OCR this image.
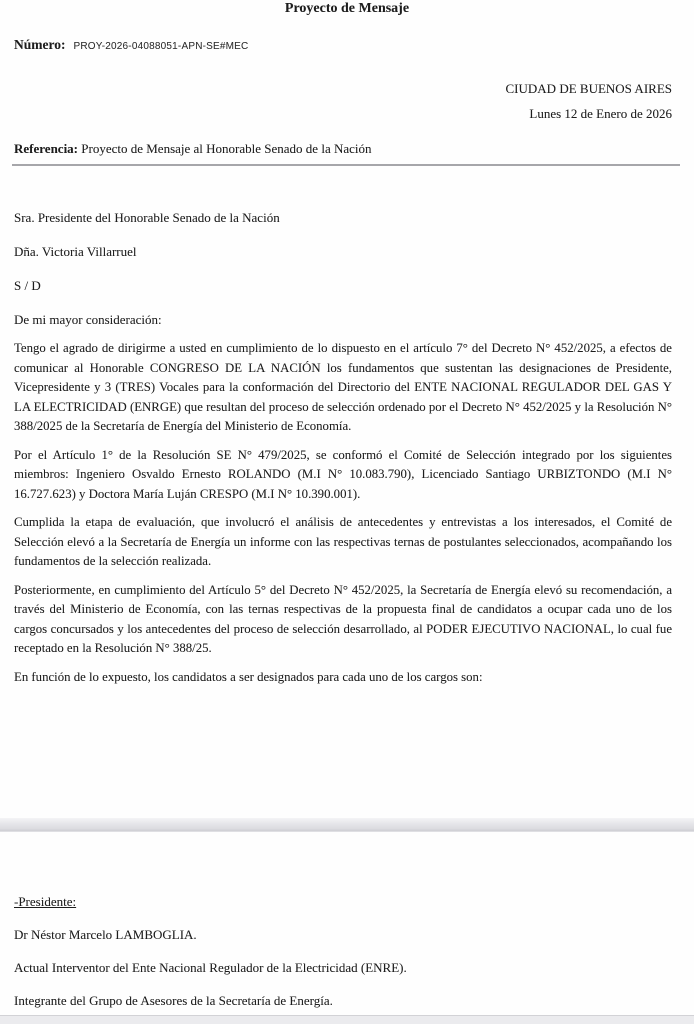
Proyecto de Mensaje
Número: PROY-2026-04088051-APN-SE#MEC
CIUDAD DE BUENOS AIRES
Lunes 12 de Enero de 2026
Referencia: Proyecto de Mensaje al Honorable Senado de la Nación

Sra. Presidente del Honorable Senado de la Nación

Dña. Victoria Villarruel

S / D

De mi mayor consideración:

Tengo el agrado de dirigirme a usted en cumplimiento de lo dispuesto en el artículo 7° del Decreto N° 452/2025, a efectos de comunicar al Honorable CONGRESO DE LA NACIÓN los fundamentos que sustentan las designaciones de Presidente, Vicepresidente y 3 (TRES) Vocales para la conformación del Directorio del ENTE NACIONAL REGULADOR DEL GAS Y LA ELECTRICIDAD (ENRGE) que resultan del proceso de selección ordenado por el Decreto N° 452/2025 y la Resolución N° 388/2025 de la Secretaría de Energía del Ministerio de Economía.

Por el Artículo 1° de la Resolución SE N° 479/2025, se conformó el Comité de Selección integrado por los siguientes miembros: Ingeniero Osvaldo Ernesto ROLANDO (M.I N° 10.083.790), Licenciado Santiago URBIZTONDO (M.I N° 16.727.623) y Doctora María Luján CRESPO (M.I N° 10.390.001).

Cumplida la etapa de evaluación, que involucró el análisis de antecedentes y entrevistas a los interesados, el Comité de Selección elevó a la Secretaría de Energía un informe con las respectivas ternas de postulantes seleccionados, acompañando los fundamentos de la selección realizada.

Posteriormente, en cumplimiento del Artículo 5° del Decreto N° 452/2025, la Secretaría de Energía elevó su recomendación, a través del Ministerio de Economía, con las ternas respectivas de la propuesta final de candidatos a ocupar cada uno de los cargos concursados y los antecedentes del proceso de selección desarrollado, al PODER EJECUTIVO NACIONAL, lo cual fue receptado en la Resolución N° 388/25.

En función de lo expuesto, los candidatos a ser designados para cada uno de los cargos son:

-Presidente:

Dr Néstor Marcelo LAMBOGLIA.

Actual Interventor del Ente Nacional Regulador de la Electricidad (ENRE).

Integrante del Grupo de Asesores de la Secretaría de Energía.
